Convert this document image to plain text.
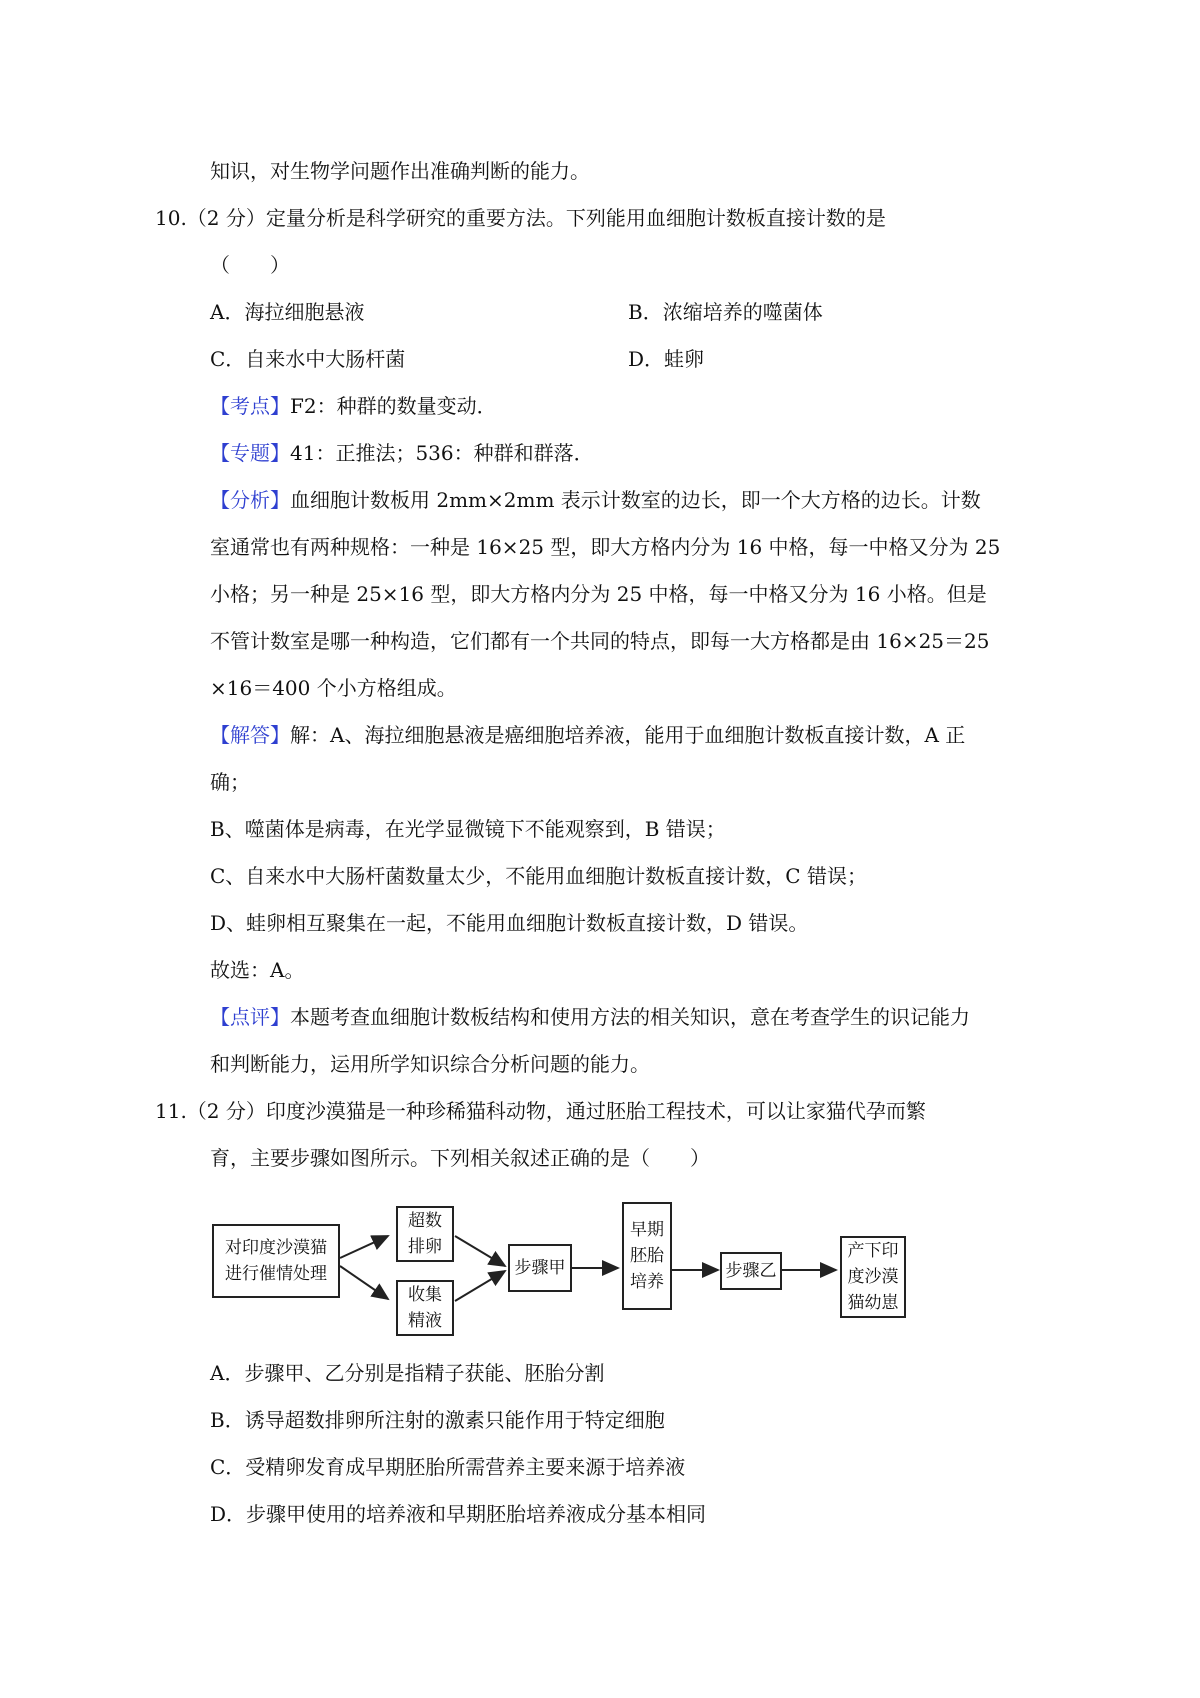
知识，对生物学问题作出准确判断的能力。
10.（2 分）定量分析是科学研究的重要方法。下列能用血细胞计数板直接计数的是
（　　）
A．海拉细胞悬液	B．浓缩培养的噬菌体
C．自来水中大肠杆菌	D．蛙卵
【考点】F2：种群的数量变动．
【专题】41：正推法；536：种群和群落．
【分析】血细胞计数板用 2mm×2mm 表示计数室的边长，即一个大方格的边长。计数
室通常也有两种规格：一种是 16×25 型，即大方格内分为 16 中格，每一中格又分为 25
小格；另一种是 25×16 型，即大方格内分为 25 中格，每一中格又分为 16 小格。但是
不管计数室是哪一种构造，它们都有一个共同的特点，即每一大方格都是由 16×25＝25
×16＝400 个小方格组成。
【解答】解：A、海拉细胞悬液是癌细胞培养液，能用于血细胞计数板直接计数，A 正
确；
B、噬菌体是病毒，在光学显微镜下不能观察到，B 错误；
C、自来水中大肠杆菌数量太少，不能用血细胞计数板直接计数，C 错误；
D、蛙卵相互聚集在一起，不能用血细胞计数板直接计数，D 错误。
故选：A。
【点评】本题考查血细胞计数板结构和使用方法的相关知识，意在考查学生的识记能力
和判断能力，运用所学知识综合分析问题的能力。
11.（2 分）印度沙漠猫是一种珍稀猫科动物，通过胚胎工程技术，可以让家猫代孕而繁
育，主要步骤如图所示。下列相关叙述正确的是（　　）
对印度沙漠猫
进行催情处理
超数
排卵
收集
精液
步骤甲
早期
胚胎
培养
步骤乙
产下印
度沙漠
猫幼崽
A．步骤甲、乙分别是指精子获能、胚胎分割
B．诱导超数排卵所注射的激素只能作用于特定细胞
C．受精卵发育成早期胚胎所需营养主要来源于培养液
D．步骤甲使用的培养液和早期胚胎培养液成分基本相同
